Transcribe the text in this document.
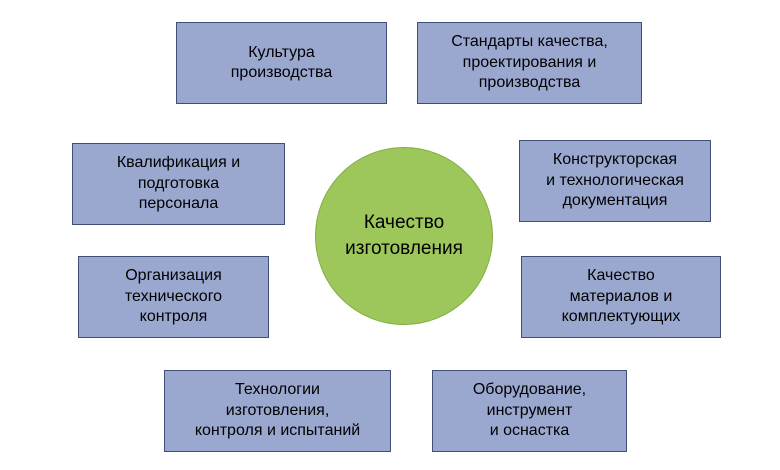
Культура
производства
Стандарты качества,
проектирования и
производства
Квалификация и
подготовка
персонала
Конструкторская
и технологическая
документация
Организация
технического
контроля
Качество
материалов и
комплектующих
Технологии
изготовления,
контроля и испытаний
Оборудование,
инструмент
и оснастка
Качество
изготовления
